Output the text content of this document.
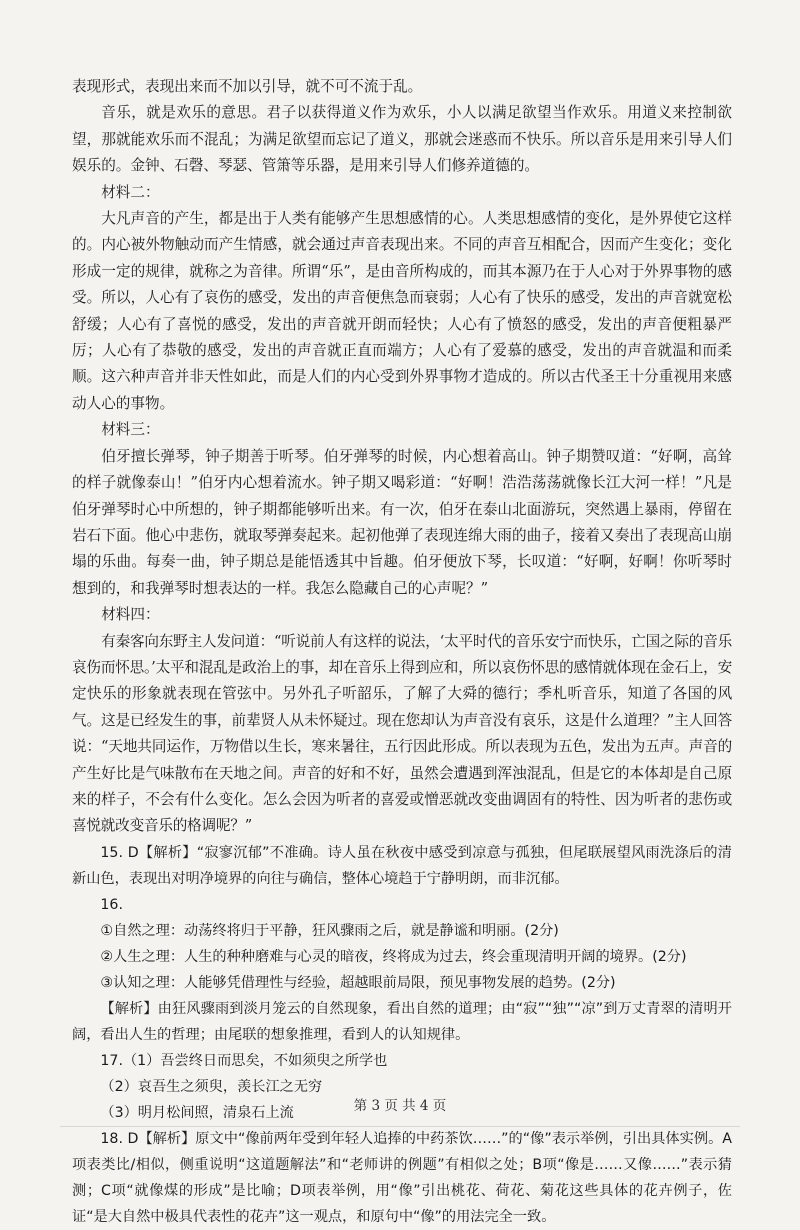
表现形式，表现出来而不加以引导，就不可不流于乱。

音乐，就是欢乐的意思。君子以获得道义作为欢乐，小人以满足欲望当作欢乐。用道义来控制欲望，那就能欢乐而不混乱；为满足欲望而忘记了道义，那就会迷惑而不快乐。所以音乐是用来引导人们娱乐的。金钟、石磬、琴瑟、管箫等乐器，是用来引导人们修养道德的。

材料二：

大凡声音的产生，都是出于人类有能够产生思想感情的心。人类思想感情的变化，是外界使它这样的。内心被外物触动而产生情感，就会通过声音表现出来。不同的声音互相配合，因而产生变化；变化形成一定的规律，就称之为音律。所谓“乐”，是由音所构成的，而其本源乃在于人心对于外界事物的感受。所以，人心有了哀伤的感受，发出的声音便焦急而衰弱；人心有了快乐的感受，发出的声音就宽松舒缓；人心有了喜悦的感受，发出的声音就开朗而轻快；人心有了愤怒的感受，发出的声音便粗暴严厉；人心有了恭敬的感受，发出的声音就正直而端方；人心有了爱慕的感受，发出的声音就温和而柔顺。这六种声音并非天性如此，而是人们的内心受到外界事物才造成的。所以古代圣王十分重视用来感动人心的事物。

材料三：

伯牙擅长弹琴，钟子期善于听琴。伯牙弹琴的时候，内心想着高山。钟子期赞叹道：“好啊，高耸的样子就像泰山！”伯牙内心想着流水。钟子期又喝彩道：“好啊！浩浩荡荡就像长江大河一样！”凡是伯牙弹琴时心中所想的，钟子期都能够听出来。有一次，伯牙在泰山北面游玩，突然遇上暴雨，停留在岩石下面。他心中悲伤，就取琴弹奏起来。起初他弹了表现连绵大雨的曲子，接着又奏出了表现高山崩塌的乐曲。每奏一曲，钟子期总是能悟透其中旨趣。伯牙便放下琴，长叹道：“好啊，好啊！你听琴时想到的，和我弹琴时想表达的一样。我怎么隐藏自己的心声呢？”

材料四：

有秦客向东野主人发问道：“听说前人有这样的说法，‘太平时代的音乐安宁而快乐，亡国之际的音乐哀伤而怀思。’太平和混乱是政治上的事，却在音乐上得到应和，所以哀伤怀思的感情就体现在金石上，安定快乐的形象就表现在管弦中。另外孔子听韶乐，了解了大舜的德行；季札听音乐，知道了各国的风气。这是已经发生的事，前辈贤人从未怀疑过。现在您却认为声音没有哀乐，这是什么道理？”主人回答说：“天地共同运作，万物借以生长，寒来暑往，五行因此形成。所以表现为五色，发出为五声。声音的产生好比是气味散布在天地之间。声音的好和不好，虽然会遭遇到浑浊混乱，但是它的本体却是自己原来的样子，不会有什么变化。怎么会因为听者的喜爱或憎恶就改变曲调固有的特性、因为听者的悲伤或喜悦就改变音乐的格调呢？”

15. D【解析】“寂寥沉郁”不准确。诗人虽在秋夜中感受到凉意与孤独，但尾联展望风雨洗涤后的清新山色，表现出对明净境界的向往与确信，整体心境趋于宁静明朗，而非沉郁。

16.

①自然之理：动荡终将归于平静，狂风骤雨之后，就是静谧和明丽。(2分)

②人生之理：人生的种种磨难与心灵的暗夜，终将成为过去，终会重现清明开阔的境界。(2分)

③认知之理：人能够凭借理性与经验，超越眼前局限，预见事物发展的趋势。(2分)

【解析】由狂风骤雨到淡月笼云的自然现象，看出自然的道理；由“寂”“独”“凉”到万丈青翠的清明开阔，看出人生的哲理；由尾联的想象推理，看到人的认知规律。

17.（1）吾尝终日而思矣，不如须臾之所学也

（2）哀吾生之须臾，羡长江之无穷

（3）明月松间照，清泉石上流

18. D【解析】原文中“像前两年受到年轻人追捧的中药茶饮……”的“像”表示举例，引出具体实例。A项表类比/相似，侧重说明“这道题解法”和“老师讲的例题”有相似之处；B项“像是……又像……”表示猜测；C项“就像煤的形成”是比喻；D项表举例，用“像”引出桃花、荷花、菊花这些具体的花卉例子，佐证“是大自然中极具代表性的花卉”这一观点，和原句中“像”的用法完全一致。

第 3 页 共 4 页
